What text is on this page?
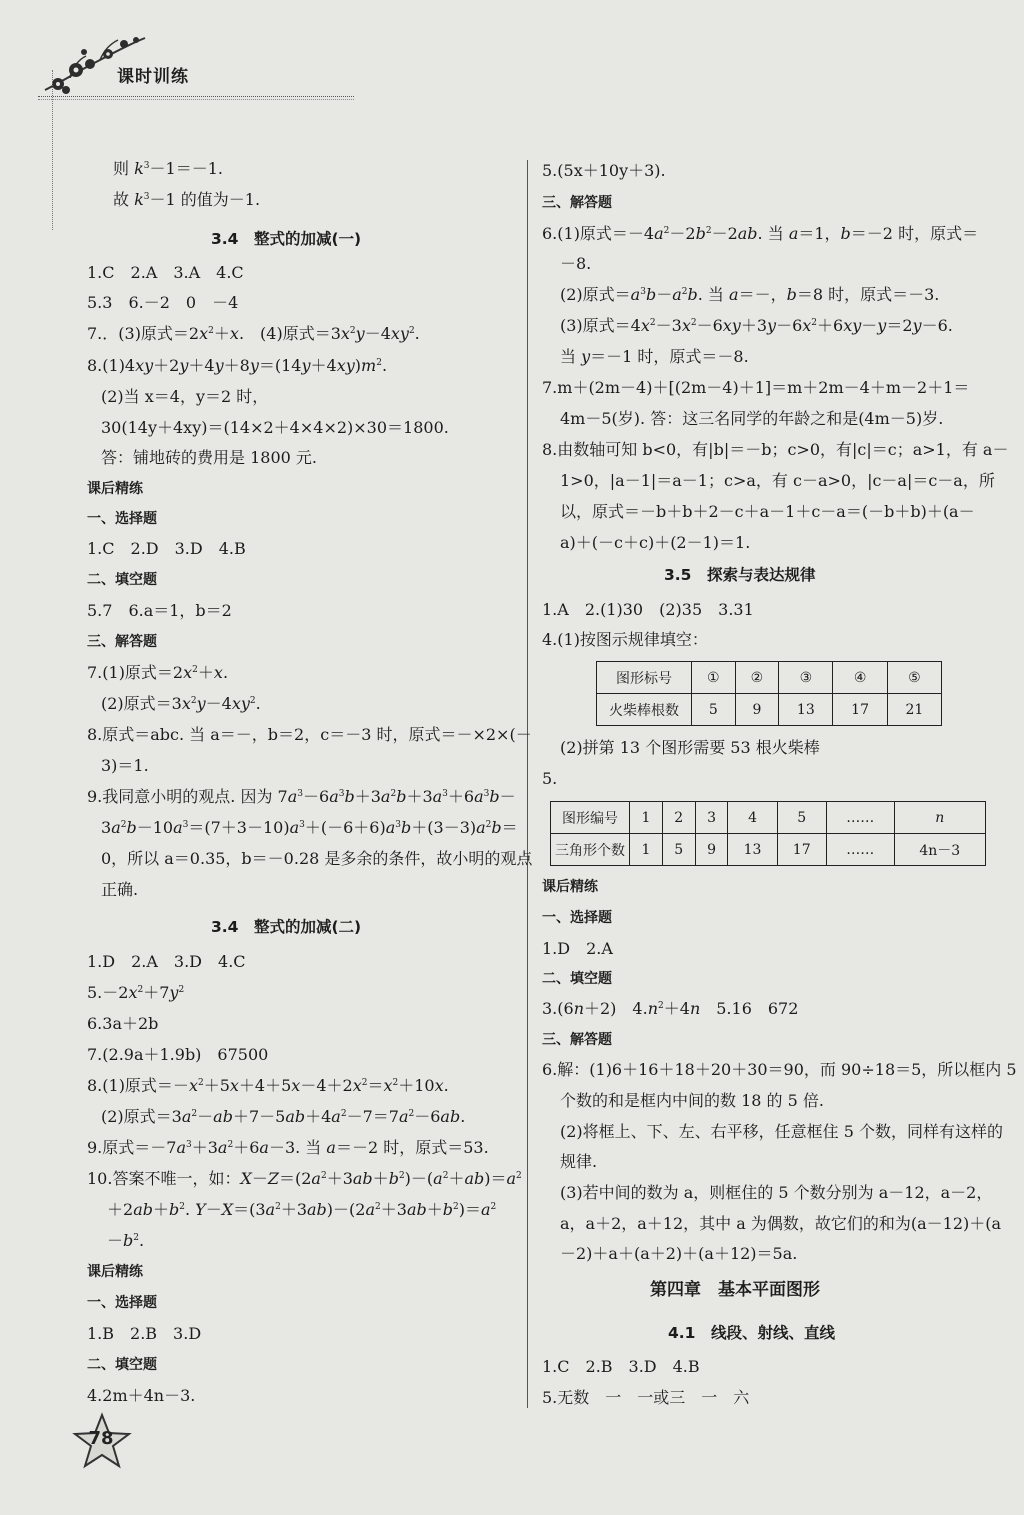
课时训练
则 $k^3-1=-1$.
故 $k^3-1$ 的值为－1.
3.4　整式的加减(一)
1.C　2.A　3.A　4.C
5.3　6.－2　0　－4
7.．(3)原式$=2x^2+x$.　(4)原式$=3x^2y-4xy^2$.
$8.(1)4xy+2y+4y+8y=(14y+4xy)m^2$.
(2)当 x＝4，y＝2 时，
30(14y＋4xy)＝(14×2＋4×4×2)×30＝1800.
答：铺地砖的费用是 1800 元.
课后精练
一、选择题
1.C　2.D　3.D　4.B
二、填空题
5.7　6.a＝1，b＝2
三、解答题
7.(1)原式$=2x^2+x$.
(2)原式$=3x^2y-4xy^2$.
8.原式＝abc. 当 a＝－，b＝2，c＝－3 时，原式＝－×2×(－
3)＝1.
9.我同意小明的观点. 因为 $7a^3-6a^3b+3a^2b+3a^3+6a^3b-$
$3a^2b-10a^3=(7+3-10)a^3+(-6+6)a^3b+(3-3)a^2b=$
0，所以 a＝0.35，b＝－0.28 是多余的条件，故小明的观点
正确.
3.4　整式的加减(二)
1.D　2.A　3.D　4.C
$5.-2x^2+7y^2$
6.3a＋2b
7.(2.9a＋1.9b)　67500
8.(1)原式$=-x^2+5x+4+5x-4+2x^2=x^2+10x$.
(2)原式$=3a^2-ab+7-5ab+4a^2-7=7a^2-6ab$.
9.原式$=-7a^3+3a^2+6a-3$. 当 a＝－2 时，原式＝53.
10.答案不唯一，如：$X-Z=(2a^2+3ab+b^2)-(a^2+ab)=a^2$
$+2ab+b^2$. $Y-X=(3a^2+3ab)-(2a^2+3ab+b^2)=a^2$
$-b^2$.
课后精练
一、选择题
1.B　2.B　3.D
二、填空题
4.2m＋4n－3.
5.(5x＋10y＋3).
三、解答题
6.(1)原式$=-4a^2-2b^2-2ab$. 当 a＝1，b＝－2 时，原式＝
－8.
(2)原式$=a^3b-a^2b$. 当 a＝－，b＝8 时，原式＝－3.
(3)原式$=4x^2-3x^2-6xy+3y-6x^2+6xy-y=2y-6$.
当 y＝－1 时，原式＝－8.
7.m＋(2m－4)＋[(2m－4)＋1]＝m＋2m－4＋m－2＋1＝
4m－5(岁). 答：这三名同学的年龄之和是(4m－5)岁.
8.由数轴可知 b<0，有|b|＝－b；c>0，有|c|＝c；a>1，有 a－
1>0，|a－1|＝a－1；c>a，有 c－a>0，|c－a|＝c－a，所
以，原式＝－b＋b＋2－c＋a－1＋c－a＝(－b＋b)＋(a－
a)＋(－c＋c)＋(2－1)＝1.
3.5　探索与表达规律
1.A　2.(1)30　(2)35　3.31
4.(1)按图示规律填空：
图形标号	①	②	③	④	⑤
火柴棒根数	5	9	13	17	21
(2)拼第 13 个图形需要 53 根火柴棒
5.
图形编号	1	2	3	4	5	……	n
三角形个数	1	5	9	13	17	……	4n－3
课后精练
一、选择题
1.D　2.A
二、填空题
3.(6n＋2)　$4.n^2+4n$　5.16　672
三、解答题
6.解：(1)6＋16＋18＋20＋30＝90，而 90÷18＝5，所以框内 5
个数的和是框内中间的数 18 的 5 倍.
(2)将框上、下、左、右平移，任意框住 5 个数，同样有这样的
规律.
(3)若中间的数为 a，则框住的 5 个数分别为 a－12，a－2，
a，a＋2，a＋12，其中 a 为偶数，故它们的和为(a－12)＋(a
－2)＋a＋(a＋2)＋(a＋12)＝5a.
第四章　基本平面图形
4.1　线段、射线、直线
1.C　2.B　3.D　4.B
5.无数　一　一或三　一　六
78
